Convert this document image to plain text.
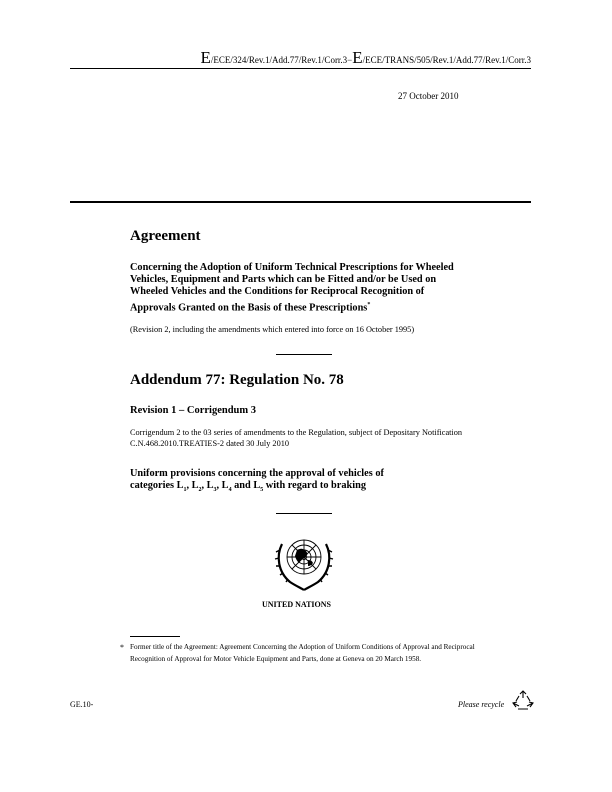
E/ECE/324/Rev.1/Add.77/Rev.1/Corr.3−E/ECE/TRANS/505/Rev.1/Add.77/Rev.1/Corr.3
27 October 2010
Agreement
Concerning the Adoption of Uniform Technical Prescriptions for Wheeled Vehicles, Equipment and Parts which can be Fitted and/or be Used on Wheeled Vehicles and the Conditions for Reciprocal Recognition of Approvals Granted on the Basis of these Prescriptions*
(Revision 2, including the amendments which entered into force on 16 October 1995)
Addendum 77: Regulation No. 78
Revision 1 – Corrigendum 3
Corrigendum 2 to the 03 series of amendments to the Regulation, subject of Depositary Notification C.N.468.2010.TREATIES-2 dated 30 July 2010
Uniform provisions concerning the approval of vehicles of
categories $L_1$, $L_2$, $L_3$, $L_4$ and $L_5$ with regard to braking
UNITED NATIONS
* Former title of the Agreement: Agreement Concerning the Adoption of Uniform Conditions of Approval and Reciprocal Recognition of Approval for Motor Vehicle Equipment and Parts, done at Geneva on 20 March 1958.
GE.10-	Please recycle
